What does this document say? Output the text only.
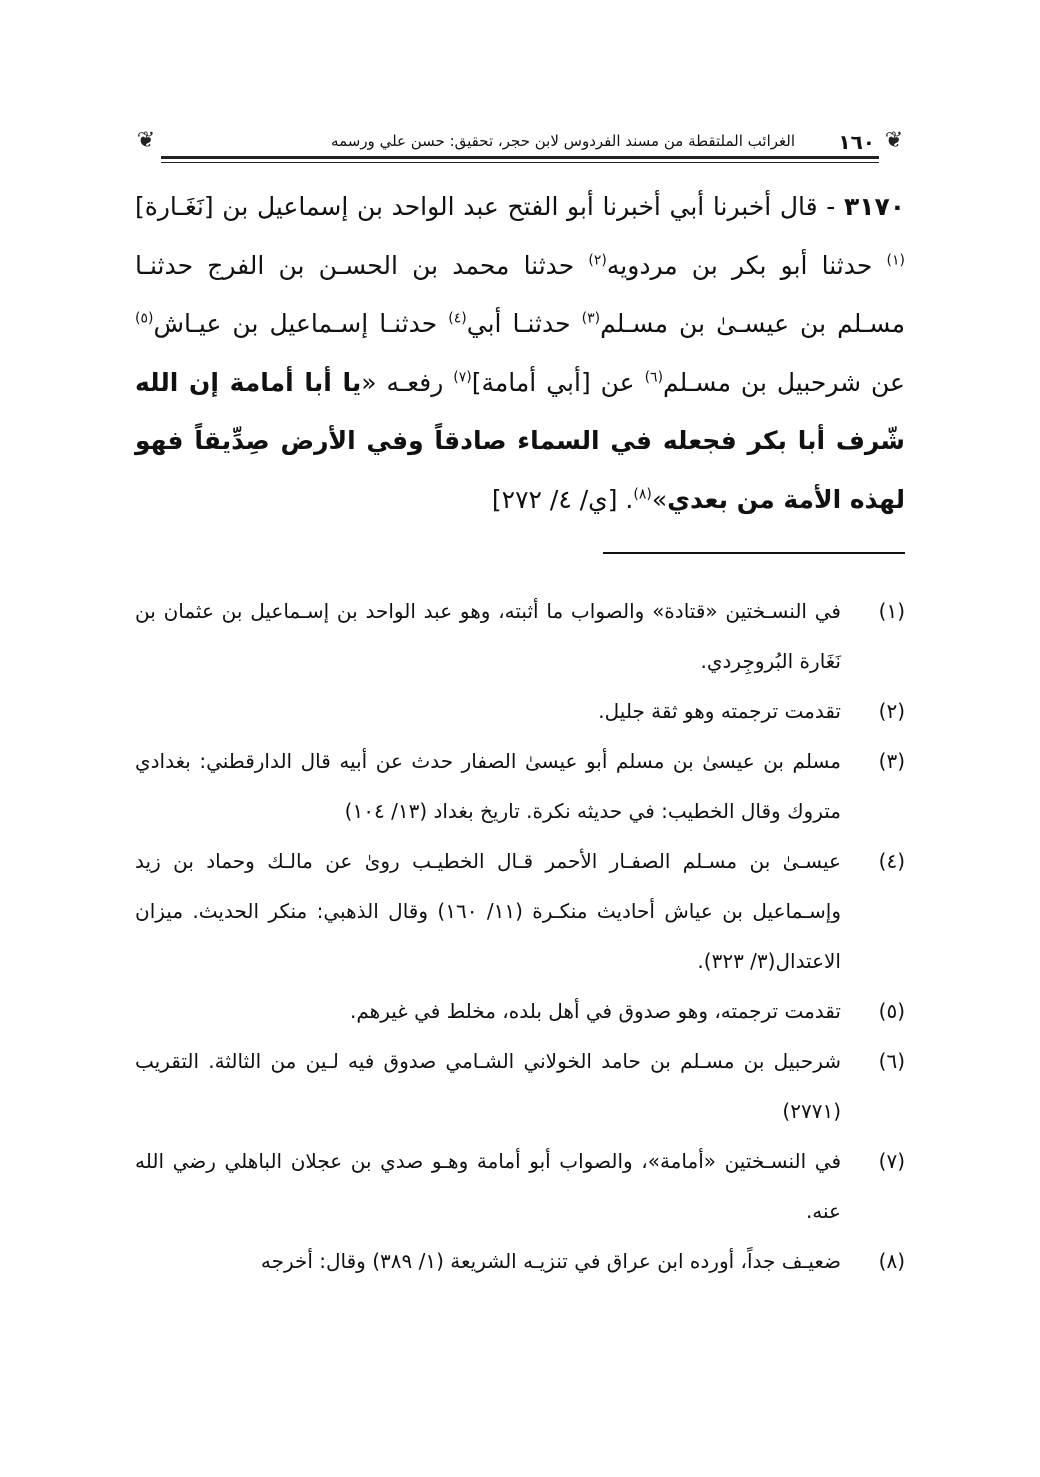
❦
١٦٠
الغرائب الملتقطة من مسند الفردوس لابن حجر، تحقيق: حسن علي ورسمه
❦
٣١٧٠ - قال أخبرنا أبي أخبرنا أبو الفتح عبد الواحد بن إسماعيل بن [نَغَـارة]$^{(١)}$ حدثنا أبو بكر بن مردويه$^{(٢)}$ حدثنا محمد بن الحسـن بن الفرج حدثنـا مسـلم بن عيسـىٰ بن مسـلم$^{(٣)}$ حدثنـا أبي$^{(٤)}$ حدثنـا إسـماعيل بن عيـاش$^{(٥)}$ عن شرحبيل بن مسـلم$^{(٦)}$ عن [أبي أمامة]$^{(٧)}$ رفعـه «يا أبا أمامة إن الله شّرف أبا بكر فجعله في السماء صادقاً وفي الأرض صِدِّيقاً فهو لهذه الأمة من بعدي»$^{(٨)}$. [ي/ ٤/ ٢٧٢]
(١)
في النسـختين «قتادة» والصواب ما أثبته، وهو عبد الواحد بن إسـماعيل بن عثمان بن نَغَارة البُروجِردي.
(٢)
تقدمت ترجمته وهو ثقة جليل.
(٣)
مسلم بن عيسىٰ بن مسلم أبو عيسىٰ الصفار حدث عن أبيه قال الدارقطني: بغدادي متروك وقال الخطيب: في حديثه نكرة. تاريخ بغداد (١٣/ ١٠٤)
(٤)
عيسـىٰ بن مسـلم الصفـار الأحمر قـال الخطيـب روىٰ عن مالـك وحماد بن زيد وإسـماعيل بن عياش أحاديث منكـرة (١١/ ١٦٠) وقال الذهبي: منكر الحديث. ميزان الاعتدال(٣/ ٣٢٣).
(٥)
تقدمت ترجمته، وهو صدوق في أهل بلده، مخلط في غيرهم.
(٦)
شرحبيل بن مسـلم بن حامد الخولاني الشـامي صدوق فيه لـين من الثالثة. التقريب (٢٧٧١)
(٧)
في النسـختين «أمامة»، والصواب أبو أمامة وهـو صدي بن عجلان الباهلي رضي الله عنه.
(٨)
ضعيـف جداً، أورده ابن عراق في تنزيـه الشريعة (١/ ٣٨٩) وقال: أخرجه
